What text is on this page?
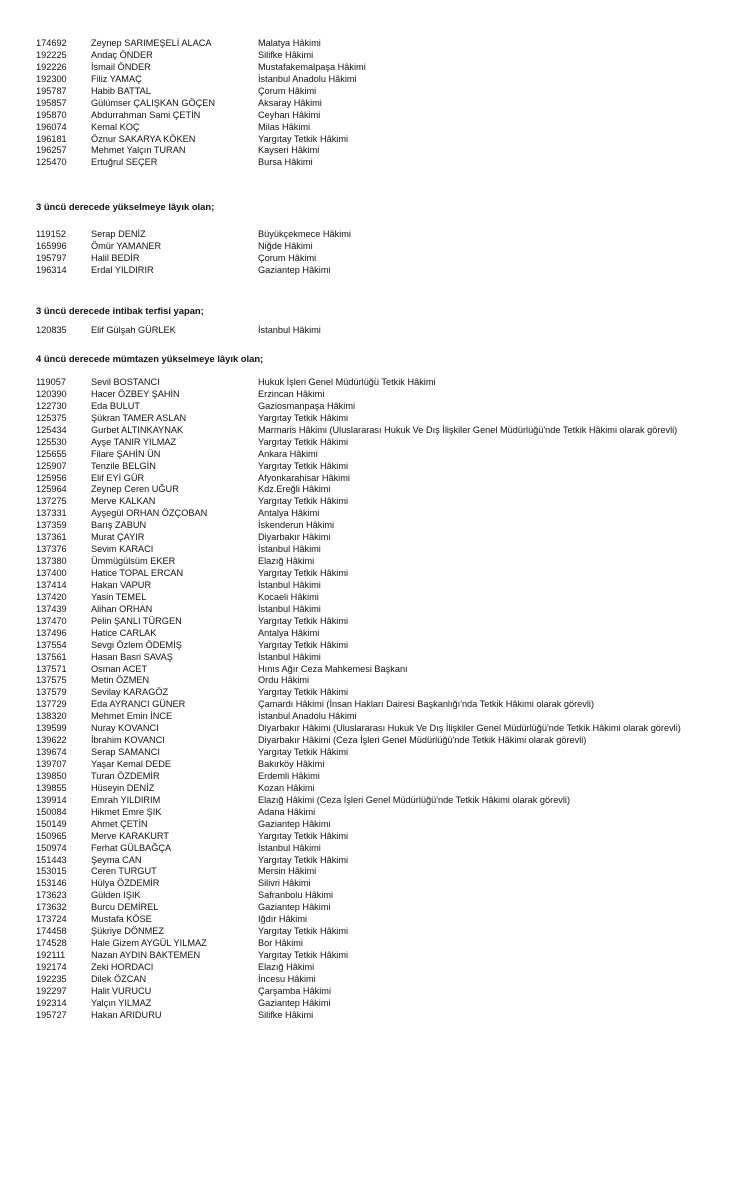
174692	Zeynep SARIMEŞELİ ALACA	Malatya Hâkimi
192225	Andaç ÖNDER	Silifke Hâkimi
192226	İsmail ÖNDER	Mustafakemalpaşa Hâkimi
192300	Filiz YAMAÇ	İstanbul Anadolu Hâkimi
195787	Habib BATTAL	Çorum Hâkimi
195857	Gülümser ÇALIŞKAN GÖÇEN	Aksaray Hâkimi
195870	Abdurrahman Sami ÇETİN	Ceyhan Hâkimi
196074	Kemal KOÇ	Milas Hâkimi
196181	Öznur SAKARYA KÖKEN	Yargıtay Tetkik Hâkimi
196257	Mehmet Yalçın TURAN	Kayseri Hâkimi
125470	Ertuğrul SEÇER	Bursa Hâkimi
3 üncü derecede yükselmeye lâyık olan;
119152	Serap DENİZ	Büyükçekmece Hâkimi
165996	Ömür YAMANER	Niğde Hâkimi
195797	Halil BEDİR	Çorum Hâkimi
196314	Erdal YILDIRIR	Gaziantep Hâkimi
3 üncü derecede intibak terfisi yapan;
120835	Elif Gülşah GÜRLEK	İstanbul Hâkimi
4 üncü derecede mümtazen yükselmeye lâyık olan;
119057	Sevil BOSTANCI	Hukuk İşleri Genel Müdürlüğü Tetkik Hâkimi
120390	Hacer ÖZBEY ŞAHİN	Erzincan Hâkimi
122730	Eda BULUT	Gaziosmanpaşa Hâkimi
125375	Şükran TAMER ASLAN	Yargıtay Tetkik Hâkimi
125434	Gurbet ALTINKAYNAK	Marmaris Hâkimi (Uluslararası Hukuk Ve Dış İlişkiler Genel Müdürlüğü'nde Tetkik Hâkimi olarak görevli)
125530	Ayşe TANIR YILMAZ	Yargıtay Tetkik Hâkimi
125655	Filare ŞAHİN ÜN	Ankara Hâkimi
125907	Tenzile BELGİN	Yargıtay Tetkik Hâkimi
125956	Elif EYİ GÜR	Afyonkarahisar Hâkimi
125964	Zeynep Ceren UĞUR	Kdz.Ereğli Hâkimi
137275	Merve KALKAN	Yargıtay Tetkik Hâkimi
137331	Ayşegül ORHAN ÖZÇOBAN	Antalya Hâkimi
137359	Barış ZABUN	İskenderun Hâkimi
137361	Murat ÇAYIR	Diyarbakır Hâkimi
137376	Sevim KARACI	İstanbul Hâkimi
137380	Ümmügülsüm EKER	Elazığ Hâkimi
137400	Hatice TOPAL ERCAN	Yargıtay Tetkik Hâkimi
137414	Hakan VAPUR	İstanbul Hâkimi
137420	Yasin TEMEL	Kocaeli Hâkimi
137439	Alihan ORHAN	İstanbul Hâkimi
137470	Pelin ŞANLI TÜRGEN	Yargıtay Tetkik Hâkimi
137496	Hatice CARLAK	Antalya Hâkimi
137554	Sevgi Özlem ÖDEMİŞ	Yargıtay Tetkik Hâkimi
137561	Hasan Basri SAVAŞ	İstanbul Hâkimi
137571	Osman ACET	Hınıs Ağır Ceza Mahkemesi Başkanı
137575	Metin ÖZMEN	Ordu Hâkimi
137579	Sevilay KARAGÖZ	Yargıtay Tetkik Hâkimi
137729	Eda AYRANCI GÜNER	Çamardı Hâkimi (İnsan Hakları Dairesi Başkanlığı'nda Tetkik Hâkimi olarak görevli)
138320	Mehmet Emin İNCE	İstanbul Anadolu Hâkimi
139599	Nuray KOVANCI	Diyarbakır Hâkimi (Uluslararası Hukuk Ve Dış İlişkiler Genel Müdürlüğü'nde Tetkik Hâkimi olarak görevli)
139622	İbrahim KOVANCI	Diyarbakır Hâkimi (Ceza İşleri Genel Müdürlüğü'nde Tetkik Hâkimi olarak görevli)
139674	Serap SAMANCI	Yargıtay Tetkik Hâkimi
139707	Yaşar Kemal DEDE	Bakırköy Hâkimi
139850	Turan ÖZDEMİR	Erdemli Hâkimi
139855	Hüseyin DENİZ	Kozan Hâkimi
139914	Emrah YILDIRIM	Elazığ Hâkimi (Ceza İşleri Genel Müdürlüğü'nde Tetkik Hâkimi olarak görevli)
150084	Hikmet Emre ŞIK	Adana Hâkimi
150149	Ahmet ÇETİN	Gaziantep Hâkimi
150965	Merve KARAKURT	Yargıtay Tetkik Hâkimi
150974	Ferhat GÜLBAĞÇA	İstanbul Hâkimi
151443	Şeyma CAN	Yargıtay Tetkik Hâkimi
153015	Ceren TURGUT	Mersin Hâkimi
153146	Hülya ÖZDEMİR	Silivri Hâkimi
173623	Gülden IŞIK	Safranbolu Hâkimi
173632	Burcu DEMİREL	Gaziantep Hâkimi
173724	Mustafa KÖSE	Iğdır Hâkimi
174458	Şükriye DÖNMEZ	Yargıtay Tetkik Hâkimi
174528	Hale Gizem AYGÜL YILMAZ	Bor Hâkimi
192111	Nazan AYDIN BAKTEMEN	Yargıtay Tetkik Hâkimi
192174	Zeki HORDACI	Elazığ Hâkimi
192235	Dilek ÖZCAN	İncesu Hâkimi
192297	Halit VURUCU	Çarşamba Hâkimi
192314	Yalçın YILMAZ	Gaziantep Hâkimi
195727	Hakan ARIDURU	Silifke Hâkimi
